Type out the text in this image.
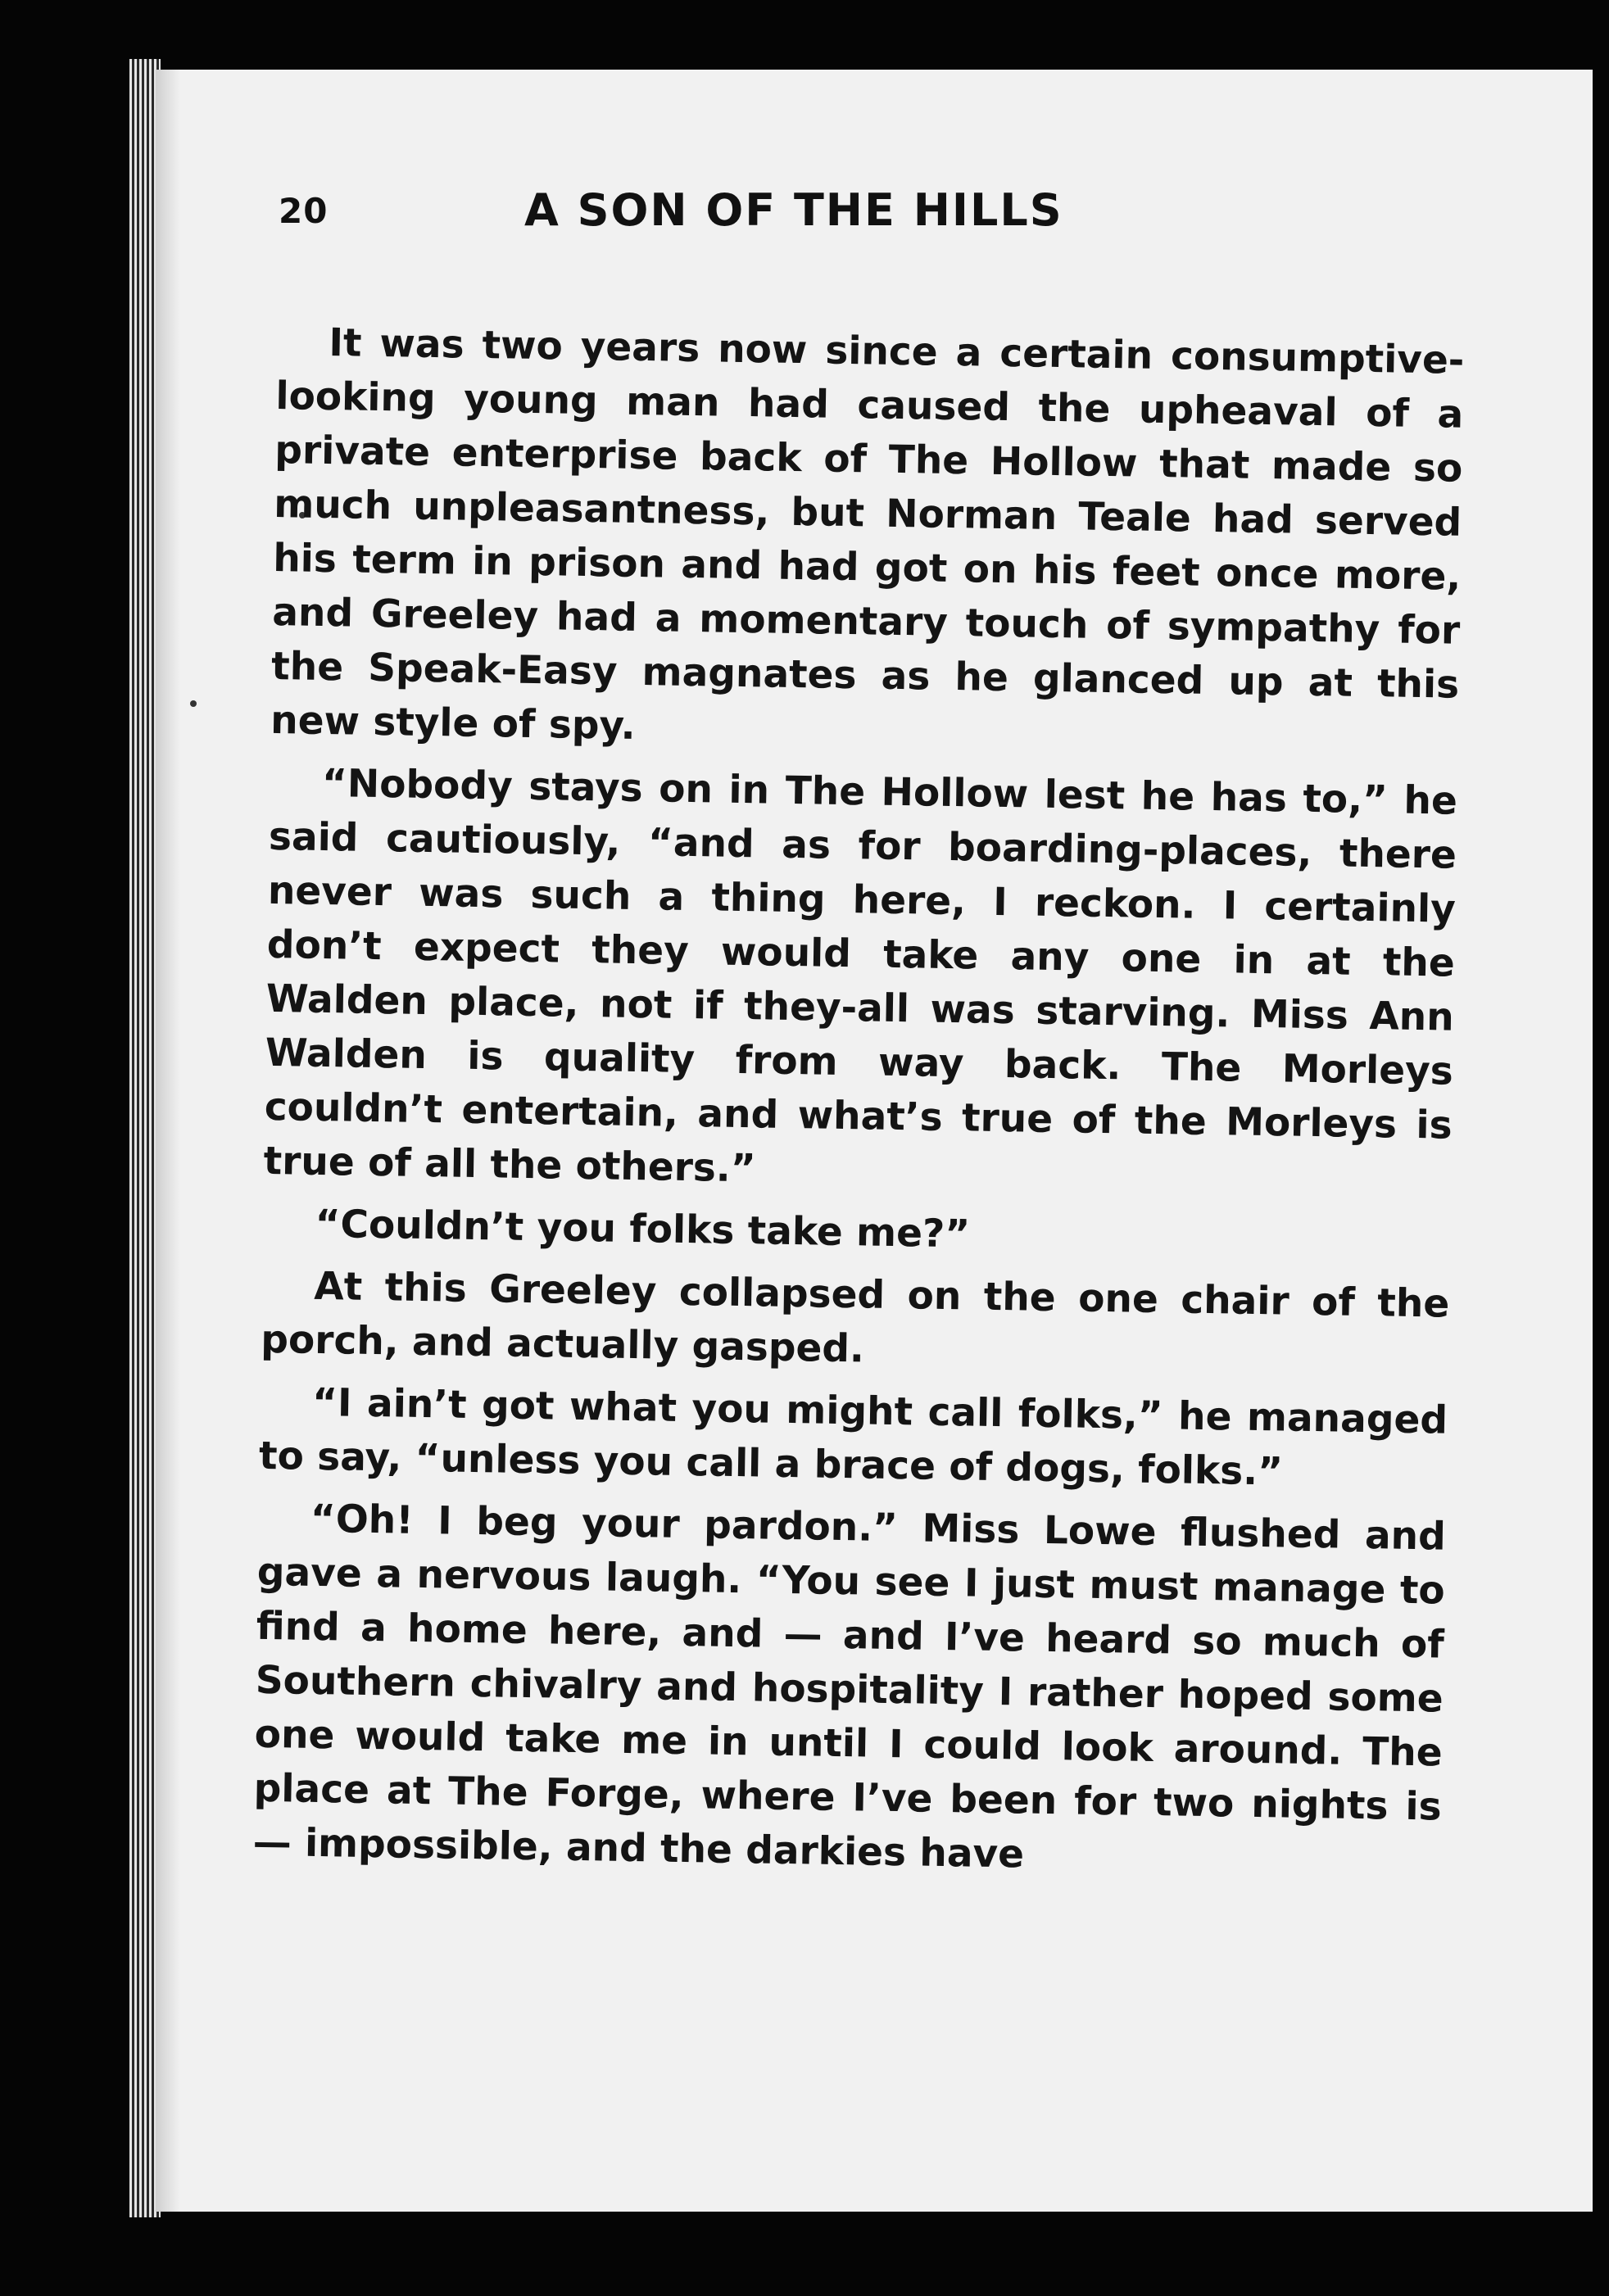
20	A SON OF THE HILLS

It was two years now since a certain consumptive-looking young man had caused the upheaval of a private enterprise back of The Hollow that made so much unpleasantness, but Norman Teale had served his term in prison and had got on his feet once more, and Greeley had a momentary touch of sympathy for the Speak-Easy magnates as he glanced up at this new style of spy.

“Nobody stays on in The Hollow lest he has to,” he said cautiously, “and as for boarding-places, there never was such a thing here, I reckon. I certainly don’t expect they would take any one in at the Walden place, not if they-all was starving. Miss Ann Walden is quality from way back. The Morleys couldn’t entertain, and what’s true of the Morleys is true of all the others.”

“Couldn’t you folks take me?”

At this Greeley collapsed on the one chair of the porch, and actually gasped.

“I ain’t got what you might call folks,” he managed to say, “unless you call a brace of dogs, folks.”

“Oh! I beg your pardon.” Miss Lowe flushed and gave a nervous laugh. “You see I just must manage to find a home here, and — and I’ve heard so much of Southern chivalry and hospitality I rather hoped some one would take me in until I could look around. The place at The Forge, where I’ve been for two nights is — impossible, and the darkies have
